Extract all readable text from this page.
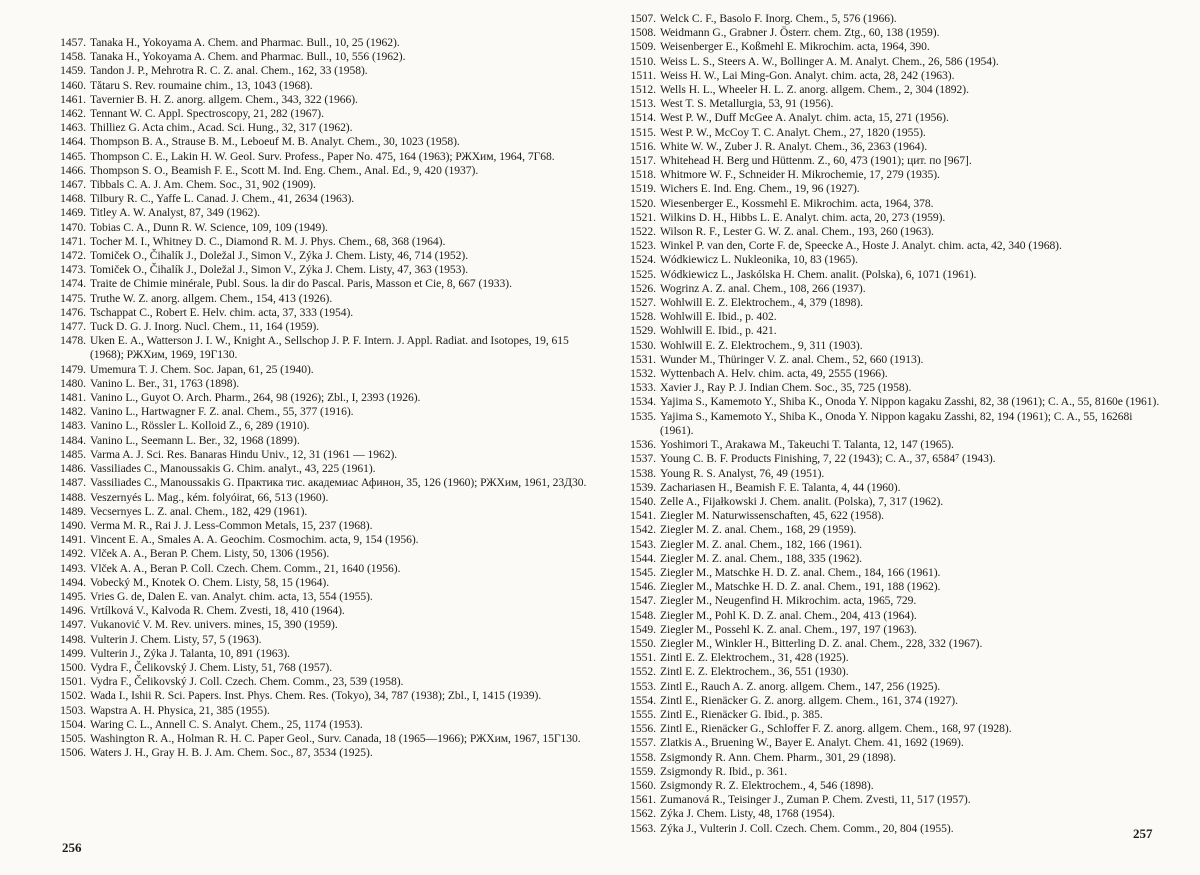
1457 . Tanaka H., Yokoyama A. Chem. and Pharmac. Bull., 10, 25 (1962).
1458 . Tanaka H., Yokoyama A. Chem. and Pharmac. Bull., 10, 556 (1962).
1459 . Tandon J. P., Mehrotra R. C. Z. anal. Chem., 162, 33 (1958).
1460 . Tătaru S. Rev. roumaine chim., 13, 1043 (1968).
1461 . Tavernier B. H. Z. anorg. allgem. Chem., 343, 322 (1966).
1462 . Tennant W. C. Appl. Spectroscopy, 21, 282 (1967).
1463 . Thilliez G. Acta chim., Acad. Sci. Hung., 32, 317 (1962).
1464 . Thompson B. A., Strause B. M., Leboeuf M. B. Analyt. Chem., 30, 1023 (1958).
1465 . Thompson C. E., Lakin H. W. Geol. Surv. Profess., Paper No. 475, 164 (1963); РЖХим, 1964, 7Г68.
1466 . Thompson S. O., Beamish F. E., Scott M. Ind. Eng. Chem., Anal. Ed., 9, 420 (1937).
1467 . Tibbals C. A. J. Am. Chem. Soc., 31, 902 (1909).
1468 . Tilbury R. C., Yaffe L. Canad. J. Chem., 41, 2634 (1963).
1469 . Titley A. W. Analyst, 87, 349 (1962).
1470 . Tobias C. A., Dunn R. W. Science, 109, 109 (1949).
1471 . Tocher M. I., Whitney D. C., Diamond R. M. J. Phys. Chem., 68, 368 (1964).
1472 . Tomiček O., Čihalík J., Doležal J., Simon V., Zýka J. Chem. Listy, 46, 714 (1952).
1473 . Tomiček O., Čihalík J., Doležal J., Simon V., Zýka J. Chem. Listy, 47, 363 (1953).
1474 . Traite de Chimie minérale, Publ. Sous. la dir do Pascal. Paris, Masson et Cie, 8, 667 (1933).
1475 . Truthe W. Z. anorg. allgem. Chem., 154, 413 (1926).
1476 . Tschappat C., Robert E. Helv. chim. acta, 37, 333 (1954).
1477 . Tuck D. G. J. Inorg. Nucl. Chem., 11, 164 (1959).
1478 . Uken E. A., Watterson J. I. W., Knight A., Sellschop J. P. F. Intern. J. Appl. Radiat. and Isotopes, 19, 615 (1968); РЖХим, 1969, 19Г130.
1479 . Umemura T. J. Chem. Soc. Japan, 61, 25 (1940).
1480 . Vanino L. Ber., 31, 1763 (1898).
1481 . Vanino L., Guyot O. Arch. Pharm., 264, 98 (1926); Zbl., I, 2393 (1926).
1482 . Vanino L., Hartwagner F. Z. anal. Chem., 55, 377 (1916).
1483 . Vanino L., Rössler L. Kolloid Z., 6, 289 (1910).
1484 . Vanino L., Seemann L. Ber., 32, 1968 (1899).
1485 . Varma A. J. Sci. Res. Banaras Hindu Univ., 12, 31 (1961 — 1962).
1486 . Vassiliades C., Manoussakis G. Chim. analyt., 43, 225 (1961).
1487 . Vassiliades C., Manoussakis G. Практика тис. академиас Афинон, 35, 126 (1960); РЖХим, 1961, 23Д30.
1488 . Veszernyés L. Mag., kém. folyóirat, 66, 513 (1960).
1489 . Vecsernyes L. Z. anal. Chem., 182, 429 (1961).
1490 . Verma M. R., Rai J. J. Less-Common Metals, 15, 237 (1968).
1491 . Vincent E. A., Smales A. A. Geochim. Cosmochim. acta, 9, 154 (1956).
1492 . Vlček A. A., Beran P. Chem. Listy, 50, 1306 (1956).
1493 . Vlček A. A., Beran P. Coll. Czech. Chem. Comm., 21, 1640 (1956).
1494 . Vobecký M., Knotek O. Chem. Listy, 58, 15 (1964).
1495 . Vries G. de, Dalen E. van. Analyt. chim. acta, 13, 554 (1955).
1496 . Vrtílková V., Kalvoda R. Chem. Zvesti, 18, 410 (1964).
1497 . Vukanović V. M. Rev. univers. mines, 15, 390 (1959).
1498 . Vulterin J. Chem. Listy, 57, 5 (1963).
1499 . Vulterin J., Zýka J. Talanta, 10, 891 (1963).
1500 . Vydra F., Čelikovský J. Chem. Listy, 51, 768 (1957).
1501 . Vydra F., Čelikovský J. Coll. Czech. Chem. Comm., 23, 539 (1958).
1502 . Wada I., Ishii R. Sci. Papers. Inst. Phys. Chem. Res. (Tokyo), 34, 787 (1938); Zbl., I, 1415 (1939).
1503 . Wapstra A. H. Physica, 21, 385 (1955).
1504 . Waring C. L., Annell C. S. Analyt. Chem., 25, 1174 (1953).
1505 . Washington R. A., Holman R. H. C. Paper Geol., Surv. Canada, 18 (1965—1966); РЖХим, 1967, 15Г130.
1506 . Waters J. H., Gray H. B. J. Am. Chem. Soc., 87, 3534 (1925).
1507 . Welck C. F., Basolo F. Inorg. Chem., 5, 576 (1966).
1508 . Weidmann G., Grabner J. Österr. chem. Ztg., 60, 138 (1959).
1509 . Weisenberger E., Koßmehl E. Mikrochim. acta, 1964, 390.
1510 . Weiss L. S., Steers A. W., Bollinger A. M. Analyt. Chem., 26, 586 (1954).
1511 . Weiss H. W., Lai Ming-Gon. Analyt. chim. acta, 28, 242 (1963).
1512 . Wells H. L., Wheeler H. L. Z. anorg. allgem. Chem., 2, 304 (1892).
1513 . West T. S. Metallurgia, 53, 91 (1956).
1514 . West P. W., Duff McGee A. Analyt. chim. acta, 15, 271 (1956).
1515 . West P. W., McCoy T. C. Analyt. Chem., 27, 1820 (1955).
1516 . White W. W., Zuber J. R. Analyt. Chem., 36, 2363 (1964).
1517 . Whitehead H. Berg und Hüttenm. Z., 60, 473 (1901); цит. по [967].
1518 . Whitmore W. F., Schneider H. Mikrochemie, 17, 279 (1935).
1519 . Wichers E. Ind. Eng. Chem., 19, 96 (1927).
1520 . Wiesenberger E., Kossmehl E. Mikrochim. acta, 1964, 378.
1521 . Wilkins D. H., Hibbs L. E. Analyt. chim. acta, 20, 273 (1959).
1522 . Wilson R. F., Lester G. W. Z. anal. Chem., 193, 260 (1963).
1523 . Winkel P. van den, Corte F. de, Speecke A., Hoste J. Analyt. chim. acta, 42, 340 (1968).
1524 . Wódkiewicz L. Nukleonika, 10, 83 (1965).
1525 . Wódkiewicz L., Jaskólska H. Chem. analit. (Polska), 6, 1071 (1961).
1526 . Wogrinz A. Z. anal. Chem., 108, 266 (1937).
1527 . Wohlwill E. Z. Elektrochem., 4, 379 (1898).
1528 . Wohlwill E. Ibid., p. 402.
1529 . Wohlwill E. Ibid., p. 421.
1530 . Wohlwill E. Z. Elektrochem., 9, 311 (1903).
1531 . Wunder M., Thüringer V. Z. anal. Chem., 52, 660 (1913).
1532 . Wyttenbach A. Helv. chim. acta, 49, 2555 (1966).
1533 . Xavier J., Ray P. J. Indian Chem. Soc., 35, 725 (1958).
1534 . Yajima S., Kamemoto Y., Shiba K., Onoda Y. Nippon kagaku Zasshi, 82, 38 (1961); C. A., 55, 8160e (1961).
1535 . Yajima S., Kamemoto Y., Shiba K., Onoda Y. Nippon kagaku Zasshi, 82, 194 (1961); C. A., 55, 16268i (1961).
1536 . Yoshimori T., Arakawa M., Takeuchi T. Talanta, 12, 147 (1965).
1537 . Young C. B. F. Products Finishing, 7, 22 (1943); C. A., 37, 6584⁷ (1943).
1538 . Young R. S. Analyst, 76, 49 (1951).
1539 . Zachariasen H., Beamish F. E. Talanta, 4, 44 (1960).
1540 . Zelle A., Fijałkowski J. Chem. analit. (Polska), 7, 317 (1962).
1541 . Ziegler M. Naturwissenschaften, 45, 622 (1958).
1542 . Ziegler M. Z. anal. Chem., 168, 29 (1959).
1543 . Ziegler M. Z. anal. Chem., 182, 166 (1961).
1544 . Ziegler M. Z. anal. Chem., 188, 335 (1962).
1545 . Ziegler M., Matschke H. D. Z. anal. Chem., 184, 166 (1961).
1546 . Ziegler M., Matschke H. D. Z. anal. Chem., 191, 188 (1962).
1547 . Ziegler M., Neugenfind H. Mikrochim. acta, 1965, 729.
1548 . Ziegler M., Pohl K. D. Z. anal. Chem., 204, 413 (1964).
1549 . Ziegler M., Possehl K. Z. anal. Chem., 197, 197 (1963).
1550 . Ziegler M., Winkler H., Bitterling D. Z. anal. Chem., 228, 332 (1967).
1551 . Zintl E. Z. Elektrochem., 31, 428 (1925).
1552 . Zintl E. Z. Elektrochem., 36, 551 (1930).
1553 . Zintl E., Rauch A. Z. anorg. allgem. Chem., 147, 256 (1925).
1554 . Zintl E., Rienäcker G. Z. anorg. allgem. Chem., 161, 374 (1927).
1555 . Zintl E., Rienäcker G. Ibid., p. 385.
1556 . Zintl E., Rienäcker G., Schloffer F. Z. anorg. allgem. Chem., 168, 97 (1928).
1557 . Zlatkis A., Bruening W., Bayer E. Analyt. Chem. 41, 1692 (1969).
1558 . Zsigmondy R. Ann. Chem. Pharm., 301, 29 (1898).
1559 . Zsigmondy R. Ibid., p. 361.
1560 . Zsigmondy R. Z. Elektrochem., 4, 546 (1898).
1561 . Zumanová R., Teisinger J., Zuman P. Chem. Zvesti, 11, 517 (1957).
1562 . Zýka J. Chem. Listy, 48, 1768 (1954).
1563 . Zýka J., Vulterin J. Coll. Czech. Chem. Comm., 20, 804 (1955).
256
257
